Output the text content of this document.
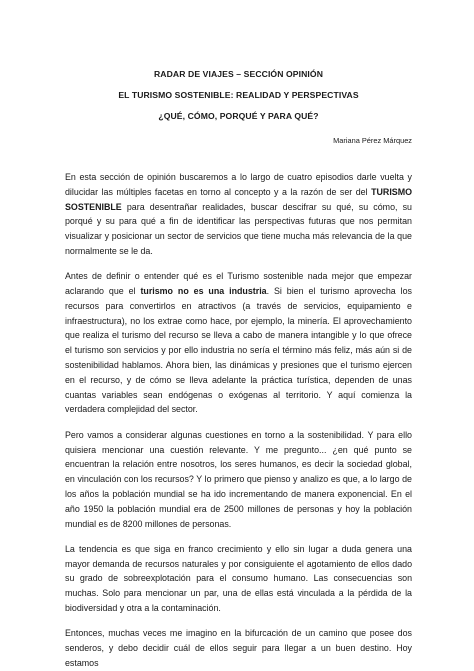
RADAR DE VIAJES – SECCIÓN OPINIÓN
EL TURISMO SOSTENIBLE: REALIDAD Y PERSPECTIVAS
¿QUÉ, CÓMO, PORQUÉ Y PARA QUÉ?
Mariana Pérez Márquez

En esta sección de opinión buscaremos a lo largo de cuatro episodios darle vuelta y dilucidar las múltiples facetas en torno al concepto y a la razón de ser del TURISMO SOSTENIBLE para desentrañar realidades, buscar descifrar su qué, su cómo, su porqué y su para qué a fin de identificar las perspectivas futuras que nos permitan visualizar y posicionar un sector de servicios que tiene mucha más relevancia de la que normalmente se le da.

Antes de definir o entender qué es el Turismo sostenible nada mejor que empezar aclarando que el turismo no es una industria. Si bien el turismo aprovecha los recursos para convertirlos en atractivos (a través de servicios, equipamiento e infraestructura), no los extrae como hace, por ejemplo, la minería. El aprovechamiento que realiza el turismo del recurso se lleva a cabo de manera intangible y lo que ofrece el turismo son servicios y por ello industria no sería el término más feliz, más aún si de sostenibilidad hablamos. Ahora bien, las dinámicas y presiones que el turismo ejercen en el recurso, y de cómo se lleva adelante la práctica turística, dependen de unas cuantas variables sean endógenas o exógenas al territorio. Y aquí comienza la verdadera complejidad del sector.

Pero vamos a considerar algunas cuestiones en torno a la sostenibilidad. Y para ello quisiera mencionar una cuestión relevante. Y me pregunto... ¿en qué punto se encuentran la relación entre nosotros, los seres humanos, es decir la sociedad global, en vinculación con los recursos? Y lo primero que pienso y analizo es que, a lo largo de los años la población mundial se ha ido incrementando de manera exponencial. En el año 1950 la población mundial era de 2500 millones de personas y hoy la población mundial es de 8200 millones de personas.

La tendencia es que siga en franco crecimiento y ello sin lugar a duda genera una mayor demanda de recursos naturales y por consiguiente el agotamiento de ellos dado su grado de sobreexplotación para el consumo humano. Las consecuencias son muchas. Solo para mencionar un par, una de ellas está vinculada a la pérdida de la biodiversidad y otra a la contaminación.

Entonces, muchas veces me imagino en la bifurcación de un camino que posee dos senderos, y debo decidir cuál de ellos seguir para llegar a un buen destino. Hoy estamos
